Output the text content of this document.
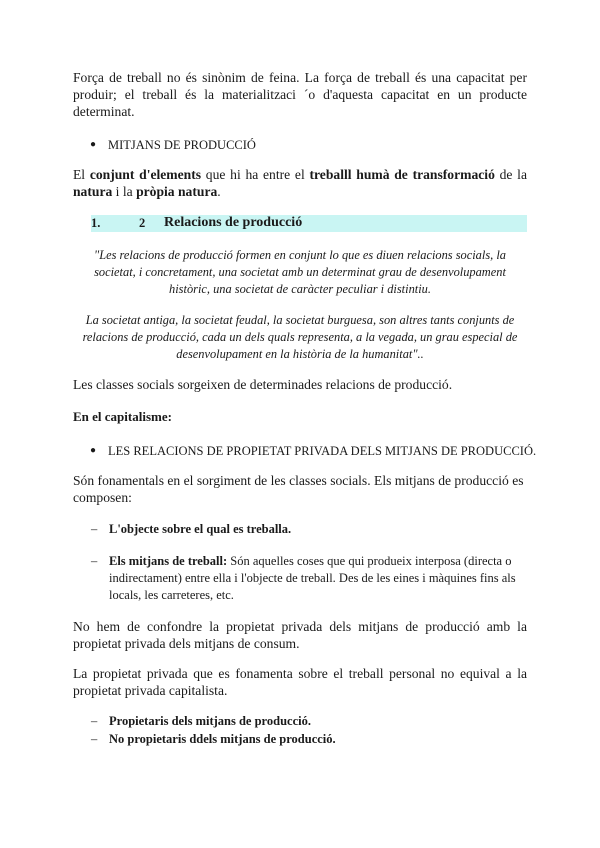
Força de treball no és sinònim de feina. La força de treball és una capacitat per produir; el treball és la materialitzaci ´o d'aquesta capacitat en un producte determinat.

● MITJANS DE PRODUCCIÓ

El conjunt d'elements que hi ha entre el treballl humà de transformació de la natura i la pròpia natura.

1.	2 Relacions de producció
"Les relacions de producció formen en conjunt lo que es diuen relacions socials, la societat, i concretament, una societat amb un determinat grau de desenvolupament històric, una societat de caràcter peculiar i distintiu.
La societat antiga, la societat feudal, la societat burguesa, son altres tants conjunts de relacions de producció, cada un dels quals representa, a la vegada, un grau especial de desenvolupament en la història de la humanitat"..

Les classes socials sorgeixen de determinades relacions de producció.

En el capitalisme:

● LES RELACIONS DE PROPIETAT PRIVADA DELS MITJANS DE PRODUCCIÓ.

Són fonamentals en el sorgiment de les classes socials. Els mitjans de producció es composen:

– L'objecte sobre el qual es treballa.
– Els mitjans de treball: Són aquelles coses que qui produeix interposa (directa o indirectament) entre ella i l'objecte de treball. Des de les eines i màquines fins als locals, les carreteres, etc.

No hem de confondre la propietat privada dels mitjans de producció amb la propietat privada dels mitjans de consum.

La propietat privada que es fonamenta sobre el treball personal no equival a la propietat privada capitalista.

– Propietaris dels mitjans de producció.
– No propietaris ddels mitjans de producció.
